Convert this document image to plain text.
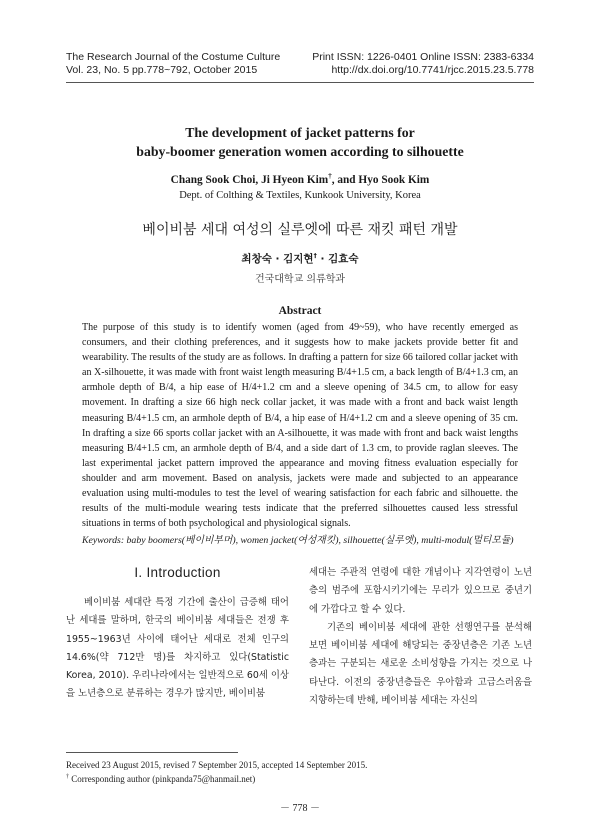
The Research Journal of the Costume Culture	Print ISSN: 1226-0401 Online ISSN: 2383-6334
Vol. 23, No. 5 pp.778~792, October 2015	http://dx.doi.org/10.7741/rjcc.2015.23.5.778
The development of jacket patterns for
baby-boomer generation women according to silhouette
Chang Sook Choi, Ji Hyeon Kim†, and Hyo Sook Kim
Dept. of Colthing & Textiles, Kunkook University, Korea
베이비붐 세대 여성의 실루엣에 따른 재킷 패턴 개발
최창숙 · 김지현† · 김효숙
건국대학교 의류학과
Abstract

The purpose of this study is to identify women (aged from 49~59), who have recently emerged as consumers, and their clothing preferences, and it suggests how to make jackets provide better fit and wearability. The results of the study are as follows. In drafting a pattern for size 66 tailored collar jacket with an X-silhouette, it was made with front waist length measuring B/4+1.5 cm, a back length of B/4+1.3 cm, an armhole depth of B/4, a hip ease of H/4+1.2 cm and a sleeve opening of 34.5 cm, to allow for easy movement. In drafting a size 66 high neck collar jacket, it was made with a front and back waist length measuring B/4+1.5 cm, an armhole depth of B/4, a hip ease of H/4+1.2 cm and a sleeve opening of 35 cm. In drafting a size 66 sports collar jacket with an A-silhouette, it was made with front and back waist lengths measuring B/4+1.5 cm, an armhole depth of B/4, and a side dart of 1.3 cm, to provide raglan sleeves. The last experimental jacket pattern improved the appearance and moving fitness evaluation especially for shoulder and arm movement. Based on analysis, jackets were made and subjected to an appearance evaluation using multi-modules to test the level of wearing satisfaction for each fabric and silhouette. the results of the multi-module wearing tests indicate that the preferred silhouettes caused less stressful situations in terms of both psychological and physiological signals.

Keywords: baby boomers(베이비부머), women jacket(여성재킷), silhouette(실루엣), multi-modul(멀티모듈)
I. Introduction

베이비붐 세대란 특정 기간에 출산이 급증해 태어난 세대를 말하며, 한국의 베이비붐 세대들은 전쟁 후 1955~1963년 사이에 태어난 세대로 전체 인구의 14.6%(약 712만 명)를 차지하고 있다(Statistic Korea, 2010). 우리나라에서는 일반적으로 60세 이상을 노년층으로 분류하는 경우가 많지만, 베이비붐

세대는 주관적 연령에 대한 개념이나 지각연령이 노년층의 범주에 포함시키기에는 무리가 있으므로 중년기에 가깝다고 할 수 있다.

기존의 베이비붐 세대에 관한 선행연구를 분석해 보면 베이비붐 세대에 해당되는 중장년층은 기존 노년층과는 구분되는 새로운 소비성향을 가지는 것으로 나타난다. 이전의 중장년층들은 우아함과 고급스러움을 지향하는데 반해, 베이비붐 세대는 자신의

Received 23 August 2015, revised 7 September 2015, accepted 14 September 2015.
† Corresponding author (pinkpanda75@hanmail.net)
－ 778 －
